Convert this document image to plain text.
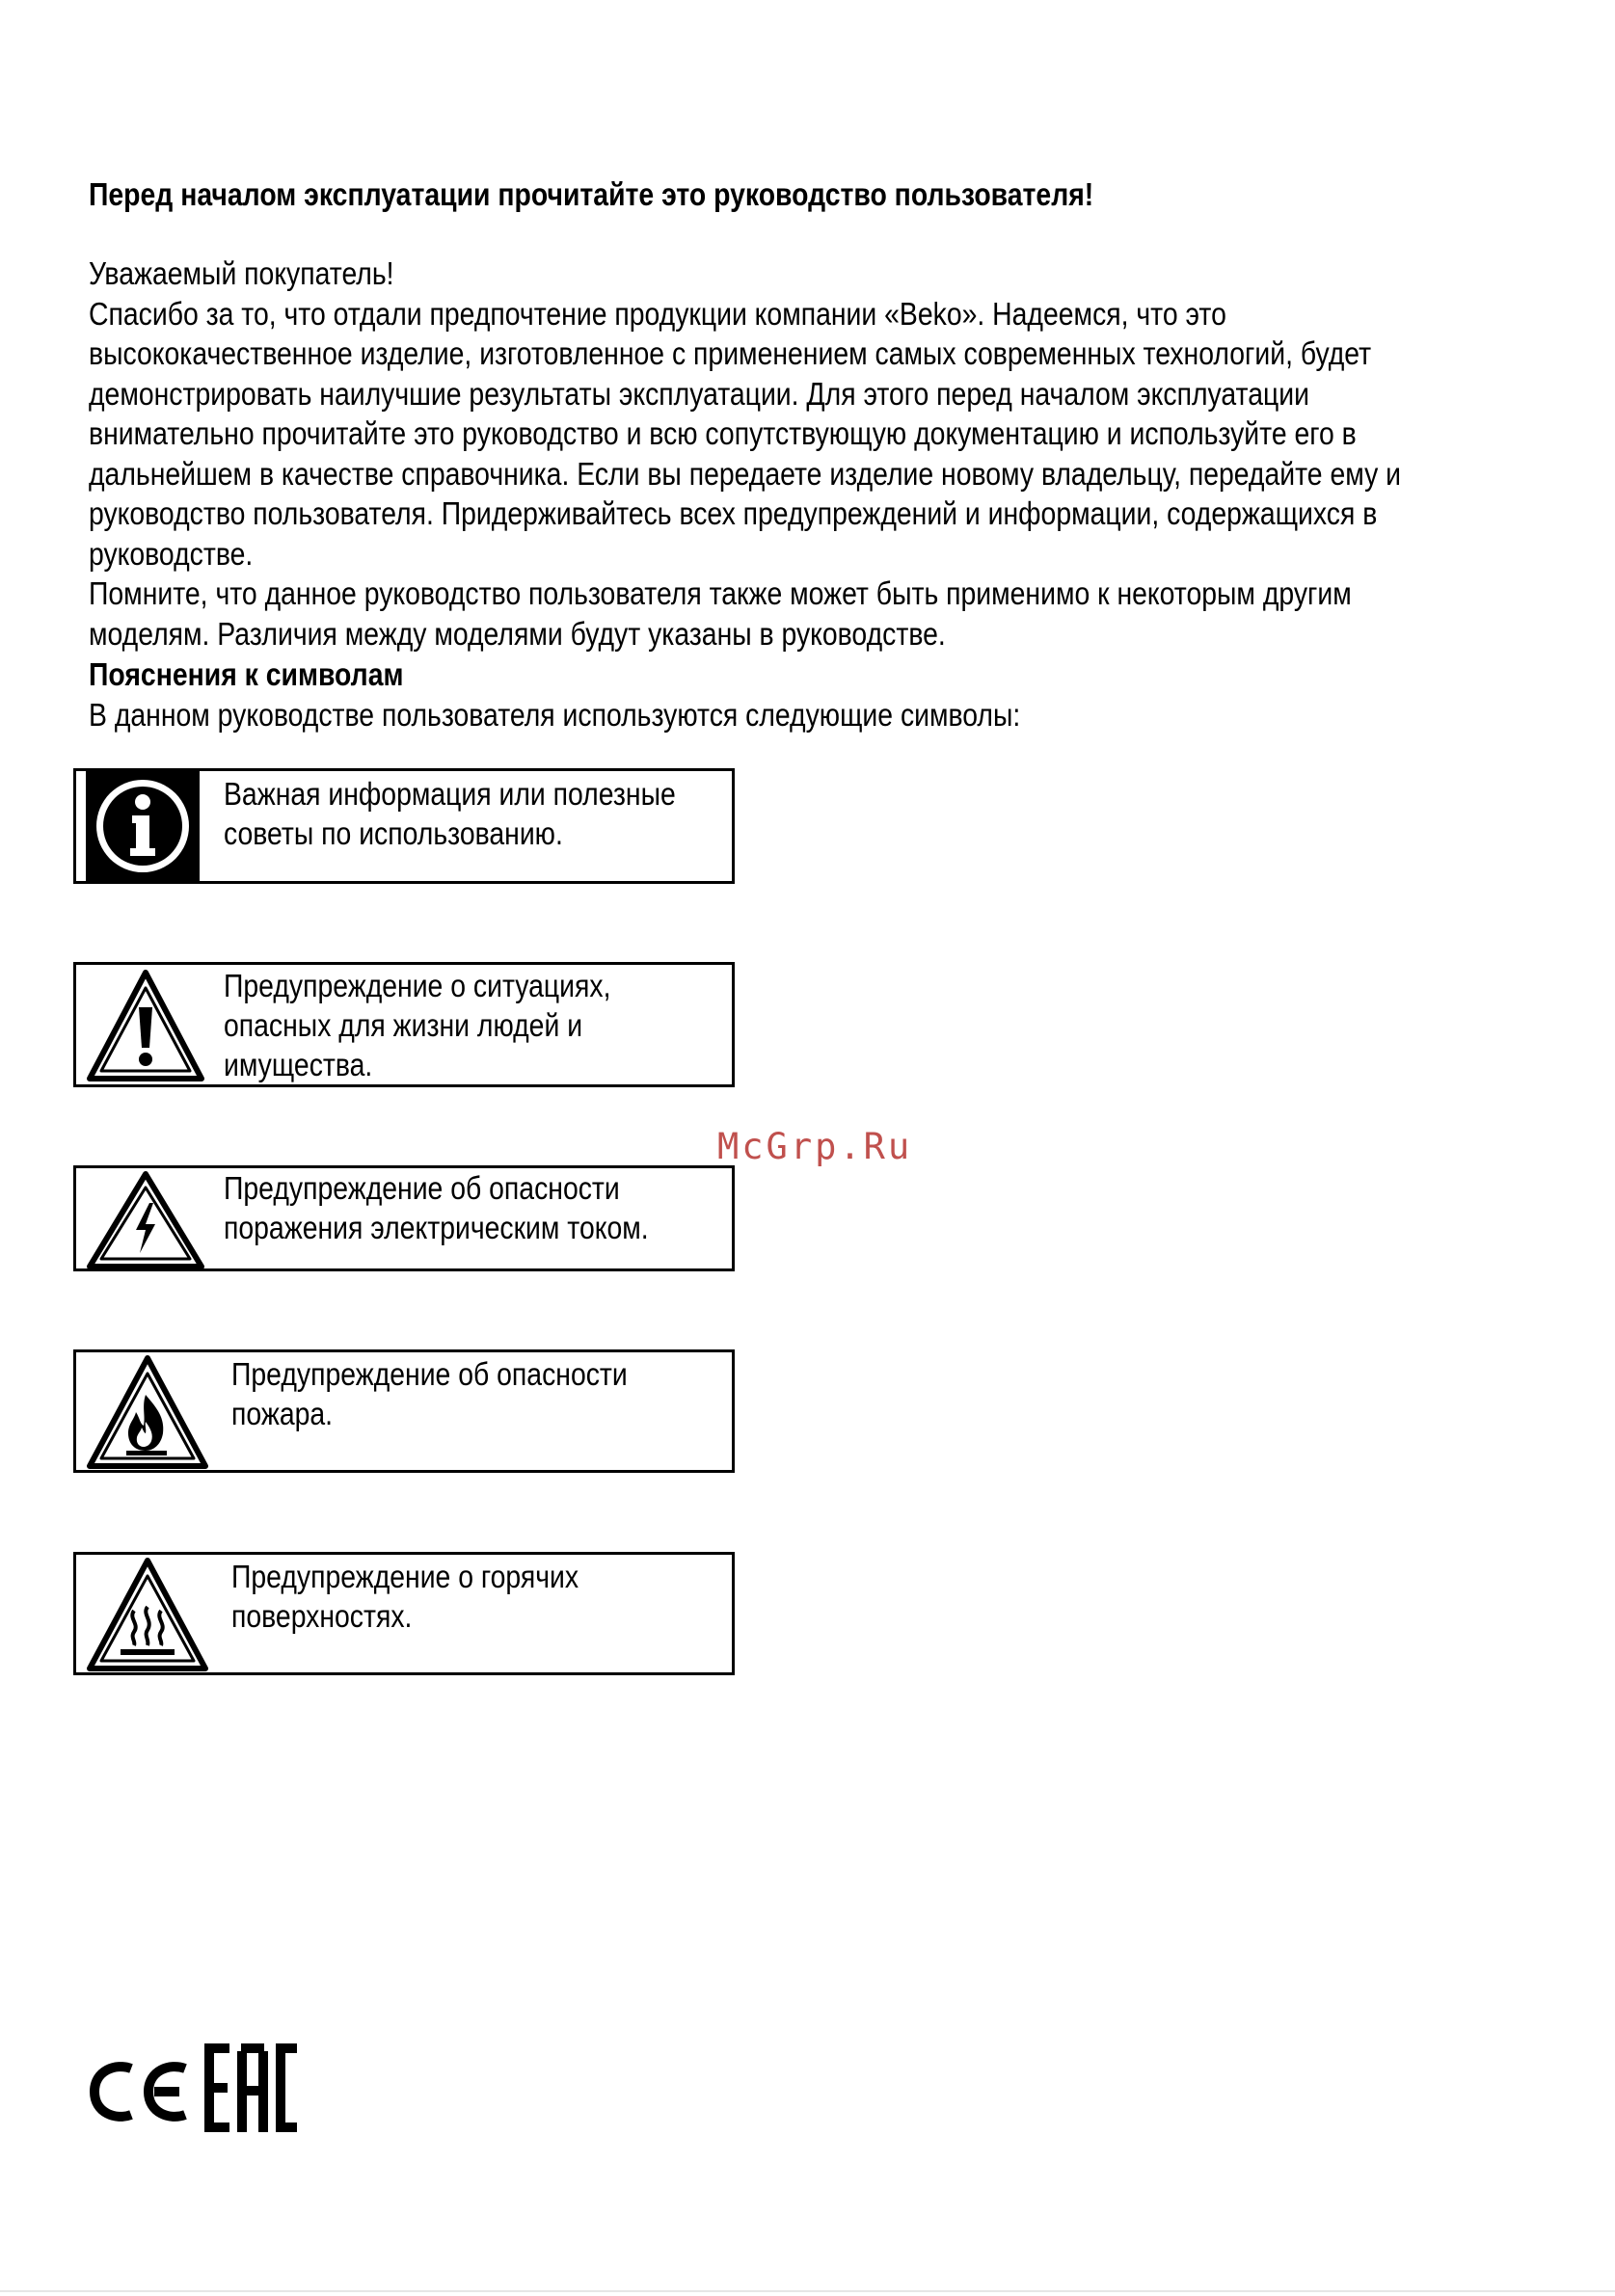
Перед началом эксплуатации прочитайте это руководство пользователя!
Уважаемый покупатель!
Спасибо за то, что отдали предпочтение продукции компании «Beko». Надеемся, что это
высококачественное изделие, изготовленное с применением самых современных технологий, будет
демонстрировать наилучшие результаты эксплуатации. Для этого перед началом эксплуатации
внимательно прочитайте это руководство и всю сопутствующую документацию и используйте его в
дальнейшем в качестве справочника. Если вы передаете изделие новому владельцу, передайте ему и
руководство пользователя. Придерживайтесь всех предупреждений и информации, содержащихся в
руководстве.
Помните, что данное руководство пользователя также может быть применимо к некоторым другим
моделям. Различия между моделями будут указаны в руководстве.
Пояснения к символам
В данном руководстве пользователя используются следующие символы:
Важная информация или полезные
советы по использованию.
Предупреждение о ситуациях,
опасных для жизни людей и
имущества.
Предупреждение об опасности
поражения электрическим током.
Предупреждение об опасности
пожара.
Предупреждение о горячих
поверхностях.
McGrp.Ru
